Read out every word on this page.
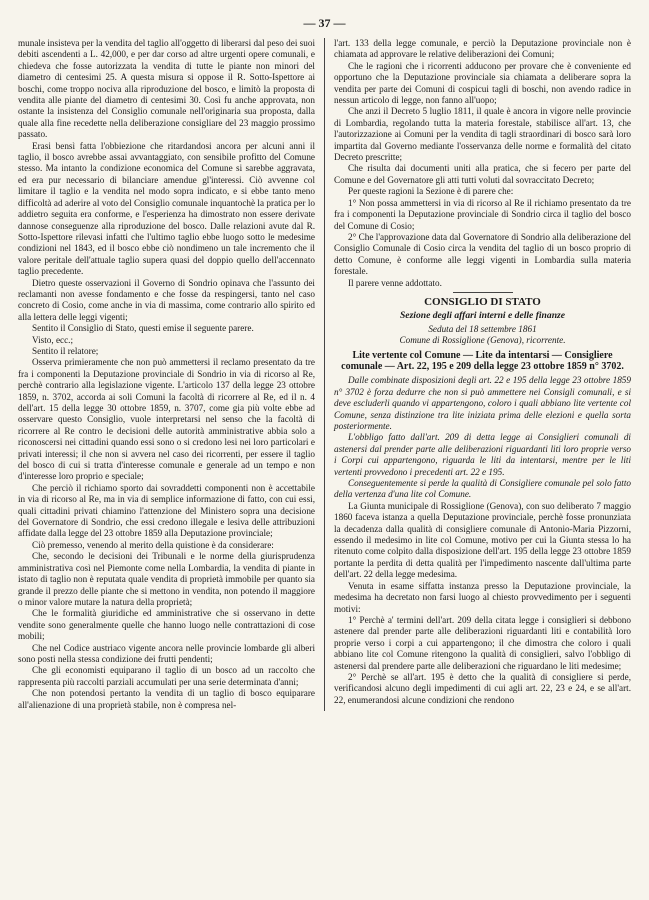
— 37 —

munale insisteva per la vendita del taglio all'oggetto di liberarsi dal peso dei suoi debiti ascendenti a L. 42,000, e per dar corso ad altre urgenti opere comunali, e chiedeva che fosse autorizzata la vendita di tutte le piante non minori del diametro di centesimi 25. A questa misura si oppose il R. Sotto-Ispettore ai boschi, come troppo nociva alla riproduzione del bosco, e limitò la proposta di vendita alle piante del diametro di centesimi 30. Così fu anche approvata, non ostante la insistenza del Consiglio comunale nell'originaria sua proposta, dalla quale alla fine recedette nella deliberazione consigliare del 23 maggio prossimo passato.

Erasi bensì fatta l'obbiezione che ritardandosi ancora per alcuni anni il taglio, il bosco avrebbe assai avvantaggiato, con sensibile profitto del Comune stesso. Ma intanto la condizione economica del Comune si sarebbe aggravata, ed era pur necessario di bilanciare amendue gl'interessi. Ciò avvenne col limitare il taglio e la vendita nel modo sopra indicato, e si ebbe tanto meno difficoltà ad aderire al voto del Consiglio comunale inquantochè la pratica per lo addietro seguita era conforme, e l'esperienza ha dimostrato non essere derivate dannose conseguenze alla riproduzione del bosco. Dalle relazioni avute dal R. Sotto-Ispettore rilevasi infatti che l'ultimo taglio ebbe luogo sotto le medesime condizioni nel 1843, ed il bosco ebbe ciò nondimeno un tale incremento che il valore peritale dell'attuale taglio supera quasi del doppio quello dell'accennato taglio precedente.

Dietro queste osservazioni il Governo di Sondrio opinava che l'assunto dei reclamanti non avesse fondamento e che fosse da respingersi, tanto nel caso concreto di Cosio, come anche in via di massima, come contrario allo spirito ed alla lettera delle leggi vigenti;

Sentito il Consiglio di Stato, questi emise il seguente parere.

Visto, ecc.;

Sentito il relatore;

Osserva primieramente che non può ammettersi il reclamo presentato da tre fra i componenti la Deputazione provinciale di Sondrio in via di ricorso al Re, perchè contrario alla legislazione vigente. L'articolo 137 della legge 23 ottobre 1859, n. 3702, accorda ai soli Comuni la facoltà di ricorrere al Re, ed il n. 4 dell'art. 15 della legge 30 ottobre 1859, n. 3707, come gia più volte ebbe ad osservare questo Consiglio, vuole interpretarsi nel senso che la facoltà di ricorrere al Re contro le decisioni delle autorità amministrative abbia solo a riconoscersi nei cittadini quando essi sono o si credono lesi nei loro particolari e privati interessi; il che non si avvera nel caso dei ricorrenti, per essere il taglio del bosco di cui si tratta d'interesse comunale e generale ad un tempo e non d'interesse loro proprio e speciale;

Che perciò il richiamo sporto dai sovraddetti componenti non è accettabile in via di ricorso al Re, ma in via di semplice informazione di fatto, con cui essi, quali cittadini privati chiamino l'attenzione del Ministero sopra una decisione del Governatore di Sondrio, che essi credono illegale e lesiva delle attribuzioni affidate dalla legge del 23 ottobre 1859 alla Deputazione provinciale;

Ciò premesso, venendo al merito della quistione è da considerare:

Che, secondo le decisioni dei Tribunali e le norme della giurisprudenza amministrativa così nel Piemonte come nella Lombardia, la vendita di piante in istato di taglio non è reputata quale vendita di proprietà immobile per quanto sia grande il prezzo delle piante che si mettono in vendita, non potendo il maggiore o minor valore mutare la natura della proprietà;

Che le formalità giuridiche ed amministrative che si osservano in dette vendite sono generalmente quelle che hanno luogo nelle contrattazioni di cose mobili;

Che nel Codice austriaco vigente ancora nelle provincie lombarde gli alberi sono posti nella stessa condizione dei frutti pendenti;

Che gli economisti equiparano il taglio di un bosco ad un raccolto che rappresenta più raccolti parziali accumulati per una serie determinata d'anni;

Che non potendosi pertanto la vendita di un taglio di bosco equiparare all'alienazione di una proprietà stabile, non è compresa nel-

l'art. 133 della legge comunale, e perciò la Deputazione provinciale non è chiamata ad approvare le relative deliberazioni dei Comuni;

Che le ragioni che i ricorrenti adducono per provare che è conveniente ed opportuno che la Deputazione provinciale sia chiamata a deliberare sopra la vendita per parte dei Comuni di cospicui tagli di boschi, non avendo radice in nessun articolo di legge, non fanno all'uopo;

Che anzi il Decreto 5 luglio 1811, il quale è ancora in vigore nelle provincie di Lombardia, regolando tutta la materia forestale, stabilisce all'art. 13, che l'autorizzazione ai Comuni per la vendita di tagli straordinari di bosco sarà loro impartita dal Governo mediante l'osservanza delle norme e formalità del citato Decreto prescritte;

Che risulta dai documenti uniti alla pratica, che si fecero per parte del Comune e del Governatore gli atti tutti voluti dal sovraccitato Decreto;

Per queste ragioni la Sezione è di parere che:

1° Non possa ammettersi in via di ricorso al Re il richiamo presentato da tre fra i componenti la Deputazione provinciale di Sondrio circa il taglio del bosco del Comune di Cosio;

2° Che l'approvazione data dal Governatore di Sondrio alla deliberazione del Consiglio Comunale di Cosio circa la vendita del taglio di un bosco proprio di detto Comune, è conforme alle leggi vigenti in Lombardia sulla materia forestale.

Il parere venne addottato.

CONSIGLIO DI STATO

Sezione degli affari interni e delle finanze

Seduta del 18 settembre 1861

Comune di Rossiglione (Genova), ricorrente.

Lite vertente col Comune — Lite da intentarsi — Consigliere comunale — Art. 22, 195 e 209 della legge 23 ottobre 1859 n° 3702.

Dalle combinate disposizioni degli art. 22 e 195 della legge 23 ottobre 1859 n° 3702 è forza dedurre che non si può ammettere nei Consigli comunali, e si deve escluderli quando vi appartengono, coloro i quali abbiano lite vertente col Comune, senza distinzione tra lite iniziata prima delle elezioni e quella sorta posteriormente.

L'obbligo fatto dall'art. 209 di detta legge ai Consiglieri comunali di astenersi dal prender parte alle deliberazioni riguardanti liti loro proprie verso i Corpi cui appartengono, riguarda le liti da intentarsi, mentre per le liti vertenti provvedono i precedenti art. 22 e 195.

Conseguentemente si perde la qualità di Consigliere comunale pel solo fatto della vertenza d'una lite col Comune.

La Giunta municipale di Rossiglione (Genova), con suo deliberato 7 maggio 1860 faceva istanza a quella Deputazione provinciale, perchè fosse pronunziata la decadenza dalla qualità di consigliere comunale di Antonio-Maria Pizzorni, essendo il medesimo in lite col Comune, motivo per cui la Giunta stessa lo ha ritenuto come colpito dalla disposizione dell'art. 195 della legge 23 ottobre 1859 portante la perdita di detta qualità per l'impedimento nascente dall'ultima parte dell'art. 22 della legge medesima.

Venuta in esame siffatta instanza presso la Deputazione provinciale, la medesima ha decretato non farsi luogo al chiesto provvedimento per i seguenti motivi:

1° Perchè a' termini dell'art. 209 della citata legge i consiglieri si debbono astenere dal prender parte alle deliberazioni riguardanti liti e contabilità loro proprie verso i corpi a cui appartengono; il che dimostra che coloro i quali abbiano lite col Comune ritengono la qualità di consiglieri, salvo l'obbligo di astenersi dal prendere parte alle deliberazioni che riguardano le liti medesime;

2° Perchè se all'art. 195 è detto che la qualità di consigliere si perde, verificandosi alcuno degli impedimenti di cui agli art. 22, 23 e 24, e se all'art. 22, enumerandosi alcune condizioni che rendono
